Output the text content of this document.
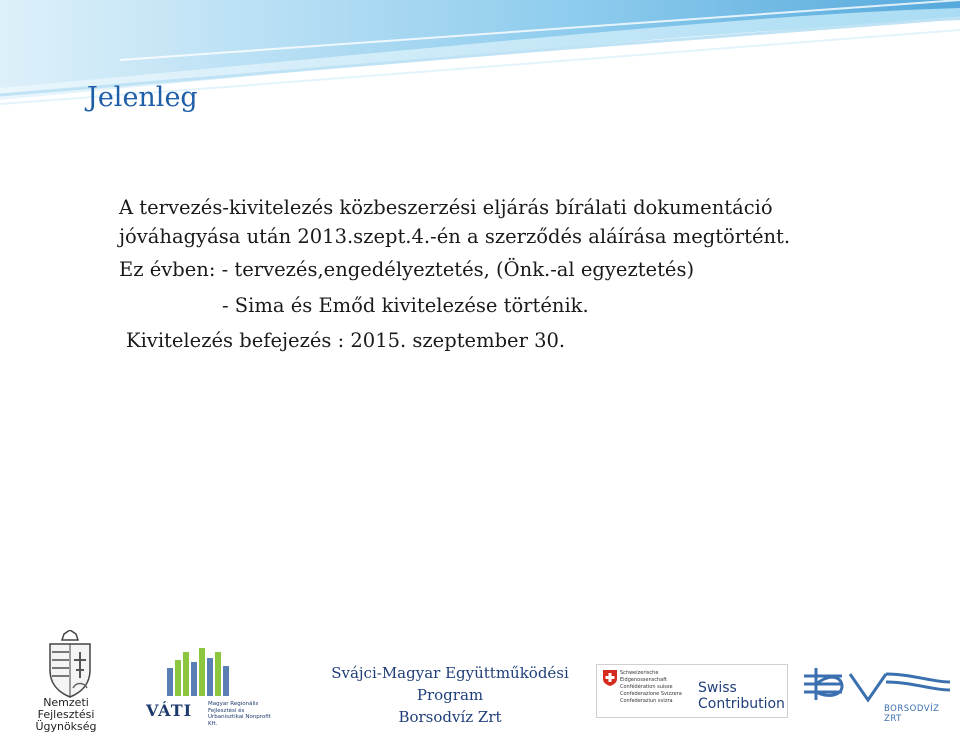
Jelenleg
A tervezés-kivitelezés közbeszerzési eljárás bírálati dokumentáció
jóváhagyása után 2013.szept.4.-én a szerződés aláírása megtörtént.
Ez évben: - tervezés,engedélyeztetés, (Önk.-al egyeztetés)
- Sima és Emőd kivitelezése történik.
Kivitelezés befejezés : 2015. szeptember 30.
Nemzeti
Fejlesztési Ügynökség
VÁTI	Magyar Regionális Fejlesztési és Urbanisztikai Nonprofit Kft.
Svájci-Magyar Együttműködési Program
Borsodvíz Zrt
Schweizerische Eidgenossenschaft Confédération suisse Confederazione Svizzera Confederaziun svizra
Swiss
Contribution	BORSODVÍZ ZRT
